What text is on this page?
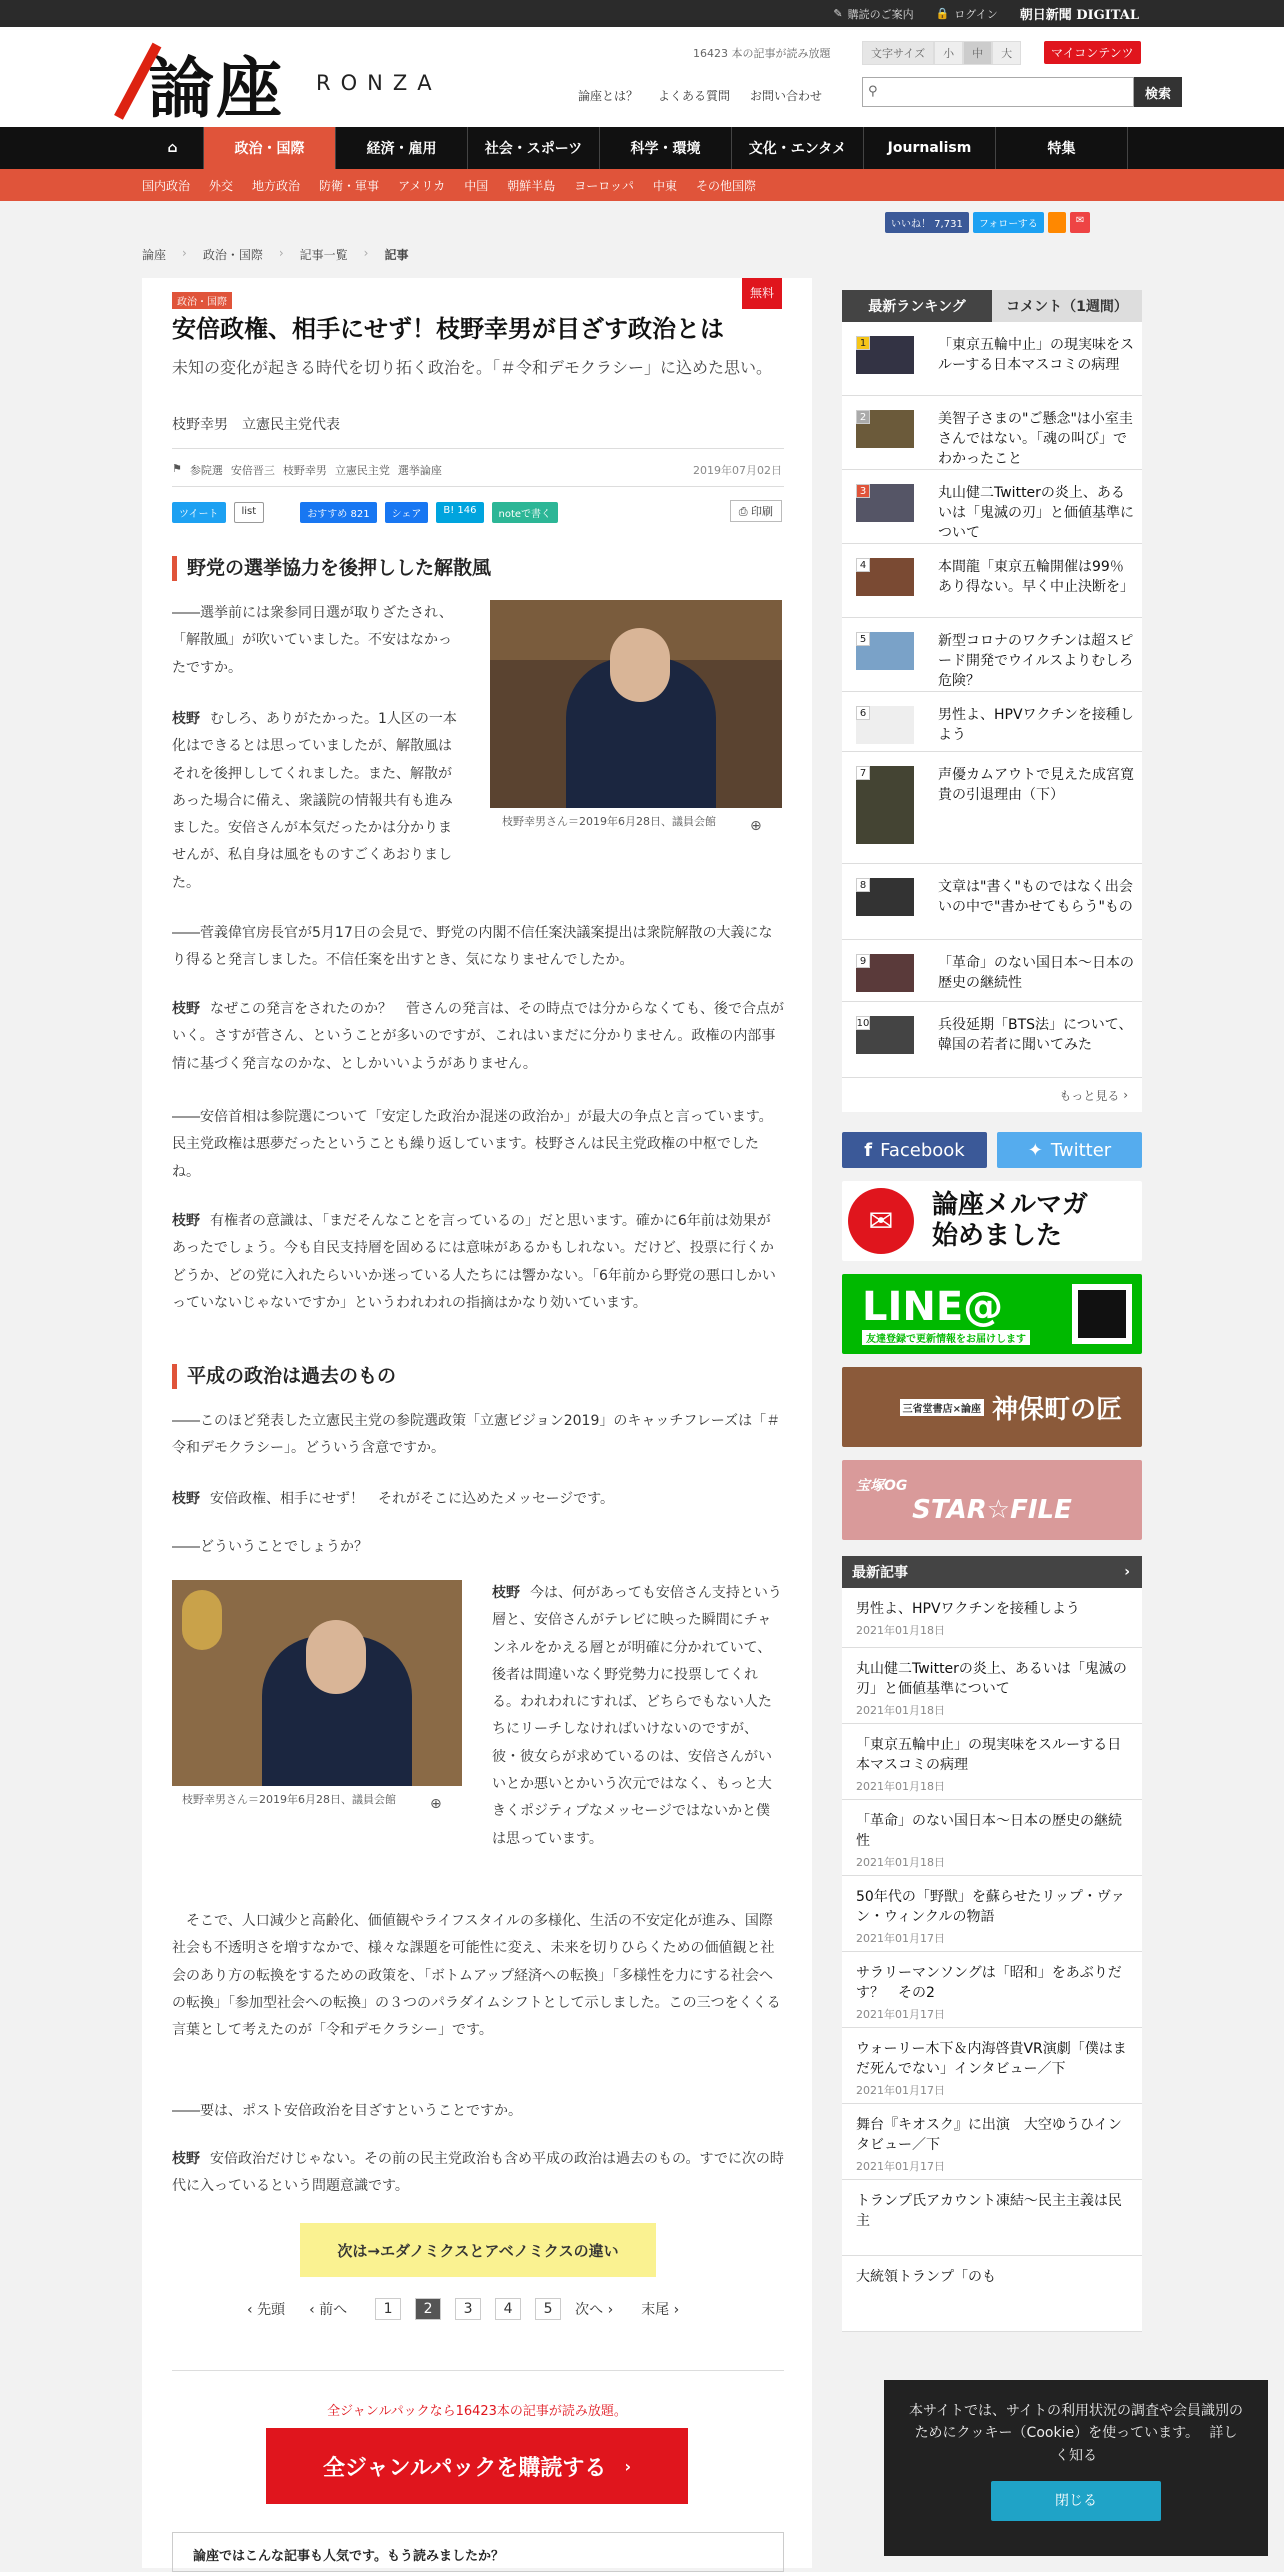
✎ 購読のご案内 🔒 ログイン 朝日新聞 DIGITAL
論座 RONZA
16423 本の記事が読み放題	文字サイズ	小	中	大	マイコンテンツ
論座とは？ よくある質問 お問い合わせ	⚲	検索
⌂	政治・国際	経済・雇用	社会・スポーツ	科学・環境	文化・エンタメ	Journalism	特集
国内政治 外交 地方政治 防衛・軍事 アメリカ 中国 朝鮮半島 ヨーロッパ 中東 その他国際
いいね！ 7,731	フォローする	✉
論座 › 政治・国際 › 記事一覧 › 記事
政治・国際
無料
安倍政権、相手にせず！枝野幸男が目ざす政治とは
未知の変化が起きる時代を切り拓く政治を。「＃令和デモクラシー」に込めた思い。
枝野幸男　立憲民主党代表
⚑ 参院選 安倍晋三 枝野幸男 立憲民主党 選挙論座	2019年07月02日
ツイート	list	おすすめ 821	シェア	B! 146	noteで書く	⎙ 印刷
野党の選挙協力を後押しした解散風

――選挙前には衆参同日選が取りざたされ、「解散風」が吹いていました。不安はなかったですか。

枝野 むしろ、ありがたかった。1人区の一本化はできるとは思っていましたが、解散風はそれを後押ししてくれました。また、解散があった場合に備え、衆議院の情報共有も進みました。安倍さんが本気だったかは分かりませんが、私自身は風をものすごくあおりました。

枝野幸男さん＝2019年6月28日、議員会館	⊕

――菅義偉官房長官が5月17日の会見で、野党の内閣不信任案決議案提出は衆院解散の大義になり得ると発言しました。不信任案を出すとき、気になりませんでしたか。

枝野 なぜこの発言をされたのか？　菅さんの発言は、その時点では分からなくても、後で合点がいく。さすが菅さん、ということが多いのですが、これはいまだに分かりません。政権の内部事情に基づく発言なのかな、としかいいようがありません。

――安倍首相は参院選について「安定した政治か混迷の政治か」が最大の争点と言っています。民主党政権は悪夢だったということも繰り返しています。枝野さんは民主党政権の中枢でしたね。

枝野 有権者の意識は、「まだそんなことを言っているの」だと思います。確かに6年前は効果があったでしょう。今も自民支持層を固めるには意味があるかもしれない。だけど、投票に行くかどうか、どの党に入れたらいいか迷っている人たちには響かない。「6年前から野党の悪口しかいっていないじゃないですか」というわれわれの指摘はかなり効いています。

平成の政治は過去のもの

――このほど発表した立憲民主党の参院選政策「立憲ビジョン2019」のキャッチフレーズは「＃令和デモクラシー」。どういう含意ですか。

枝野 安倍政権、相手にせず！　それがそこに込めたメッセージです。

――どういうことでしょうか？

枝野幸男さん＝2019年6月28日、議員会館	⊕

枝野 今は、何があっても安倍さん支持という層と、安倍さんがテレビに映った瞬間にチャンネルをかえる層とが明確に分かれていて、後者は間違いなく野党勢力に投票してくれる。われわれにすれば、どちらでもない人たちにリーチしなければいけないのですが、彼・彼女らが求めているのは、安倍さんがいいとか悪いとかいう次元ではなく、もっと大きくポジティブなメッセージではないかと僕は思っています。

　そこで、人口減少と高齢化、価値観やライフスタイルの多様化、生活の不安定化が進み、国際社会も不透明さを増すなかで、様々な課題を可能性に変え、未来を切りひらくための価値観と社会のあり方の転換をするための政策を、「ボトムアップ経済への転換」「多様性を力にする社会への転換」「参加型社会への転換」の３つのパラダイムシフトとして示しました。この三つをくくる言葉として考えたのが「令和デモクラシー」です。

――要は、ポスト安倍政治を目ざすということですか。

枝野 安倍政治だけじゃない。その前の民主党政治も含め平成の政治は過去のもの。すでに次の時代に入っているという問題意識です。

次は→エダノミクスとアベノミクスの違い
‹ 先頭 ‹ 前へ	1	2	3	4	5	次へ › 末尾 ›
全ジャンルパックなら16423本の記事が読み放題。
全ジャンルパックを購読する ›
論座ではこんな記事も人気です。もう読みましたか？
最新ランキング	コメント（1週間）
1	「東京五輪中止」の現実味をスルーする日本マスコミの病理
2	美智子さまの"ご懸念"は小室圭さんではない。「魂の叫び」でわかったこと
3	丸山健二Twitterの炎上、あるいは「鬼滅の刃」と価値基準について
4	本間龍「東京五輪開催は99％あり得ない。早く中止決断を」
5	新型コロナのワクチンは超スピード開発でウイルスよりむしろ危険？
6	男性よ、HPVワクチンを接種しよう
7	声優カムアウトで見えた成宮寛貴の引退理由（下）
8	文章は"書く"ものではなく出会いの中で"書かせてもらう"もの
9	「革命」のない国日本～日本の歴史の継続性
10	兵役延期「BTS法」について、韓国の若者に聞いてみた
もっと見る ›
f Facebook	✦ Twitter
✉	論座メルマガ始めました
LINE@
友達登録で更新情報をお届けします
三省堂書店×論座 神保町の匠
宝塚OG
STAR☆FILE
最新記事	›
男性よ、HPVワクチンを接種しよう
2021年01月18日
丸山健二Twitterの炎上、あるいは「鬼滅の刃」と価値基準について
2021年01月18日
「東京五輪中止」の現実味をスルーする日本マスコミの病理
2021年01月18日
「革命」のない国日本～日本の歴史の継続性
2021年01月18日
50年代の「野獣」を蘇らせたリップ・ヴァン・ウィンクルの物語
2021年01月17日
サラリーマンソングは「昭和」をあぶりだす？　その2
2021年01月17日
ウォーリー木下＆内海啓貴VR演劇「僕はまだ死んでない」インタビュー／下
2021年01月17日
舞台『キオスク』に出演　大空ゆうひインタビュー／下
2021年01月17日
トランプ氏アカウント凍結～民主主義は民主
大統領トランプ「のも
本サイトでは、サイトの利用状況の調査や会員識別のためにクッキー（Cookie）を使っています。 詳しく知る
閉じる
